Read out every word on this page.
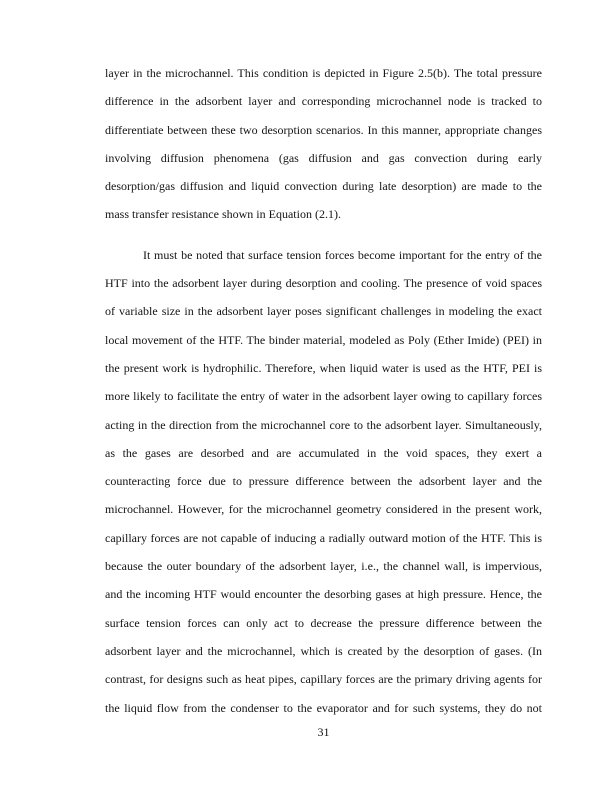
layer in the microchannel. This condition is depicted in Figure 2.5(b). The total pressure
difference in the adsorbent layer and corresponding microchannel node is tracked to
differentiate between these two desorption scenarios. In this manner, appropriate changes
involving diffusion phenomena (gas diffusion and gas convection during early
desorption/gas diffusion and liquid convection during late desorption) are made to the
mass transfer resistance shown in Equation (2.1).
It must be noted that surface tension forces become important for the entry of the
HTF into the adsorbent layer during desorption and cooling. The presence of void spaces
of variable size in the adsorbent layer poses significant challenges in modeling the exact
local movement of the HTF. The binder material, modeled as Poly (Ether Imide) (PEI) in
the present work is hydrophilic. Therefore, when liquid water is used as the HTF, PEI is
more likely to facilitate the entry of water in the adsorbent layer owing to capillary forces
acting in the direction from the microchannel core to the adsorbent layer. Simultaneously,
as the gases are desorbed and are accumulated in the void spaces, they exert a
counteracting force due to pressure difference between the adsorbent layer and the
microchannel. However, for the microchannel geometry considered in the present work,
capillary forces are not capable of inducing a radially outward motion of the HTF. This is
because the outer boundary of the adsorbent layer, i.e., the channel wall, is impervious,
and the incoming HTF would encounter the desorbing gases at high pressure. Hence, the
surface tension forces can only act to decrease the pressure difference between the
adsorbent layer and the microchannel, which is created by the desorption of gases. (In
contrast, for designs such as heat pipes, capillary forces are the primary driving agents for
the liquid flow from the condenser to the evaporator and for such systems, they do not
31
